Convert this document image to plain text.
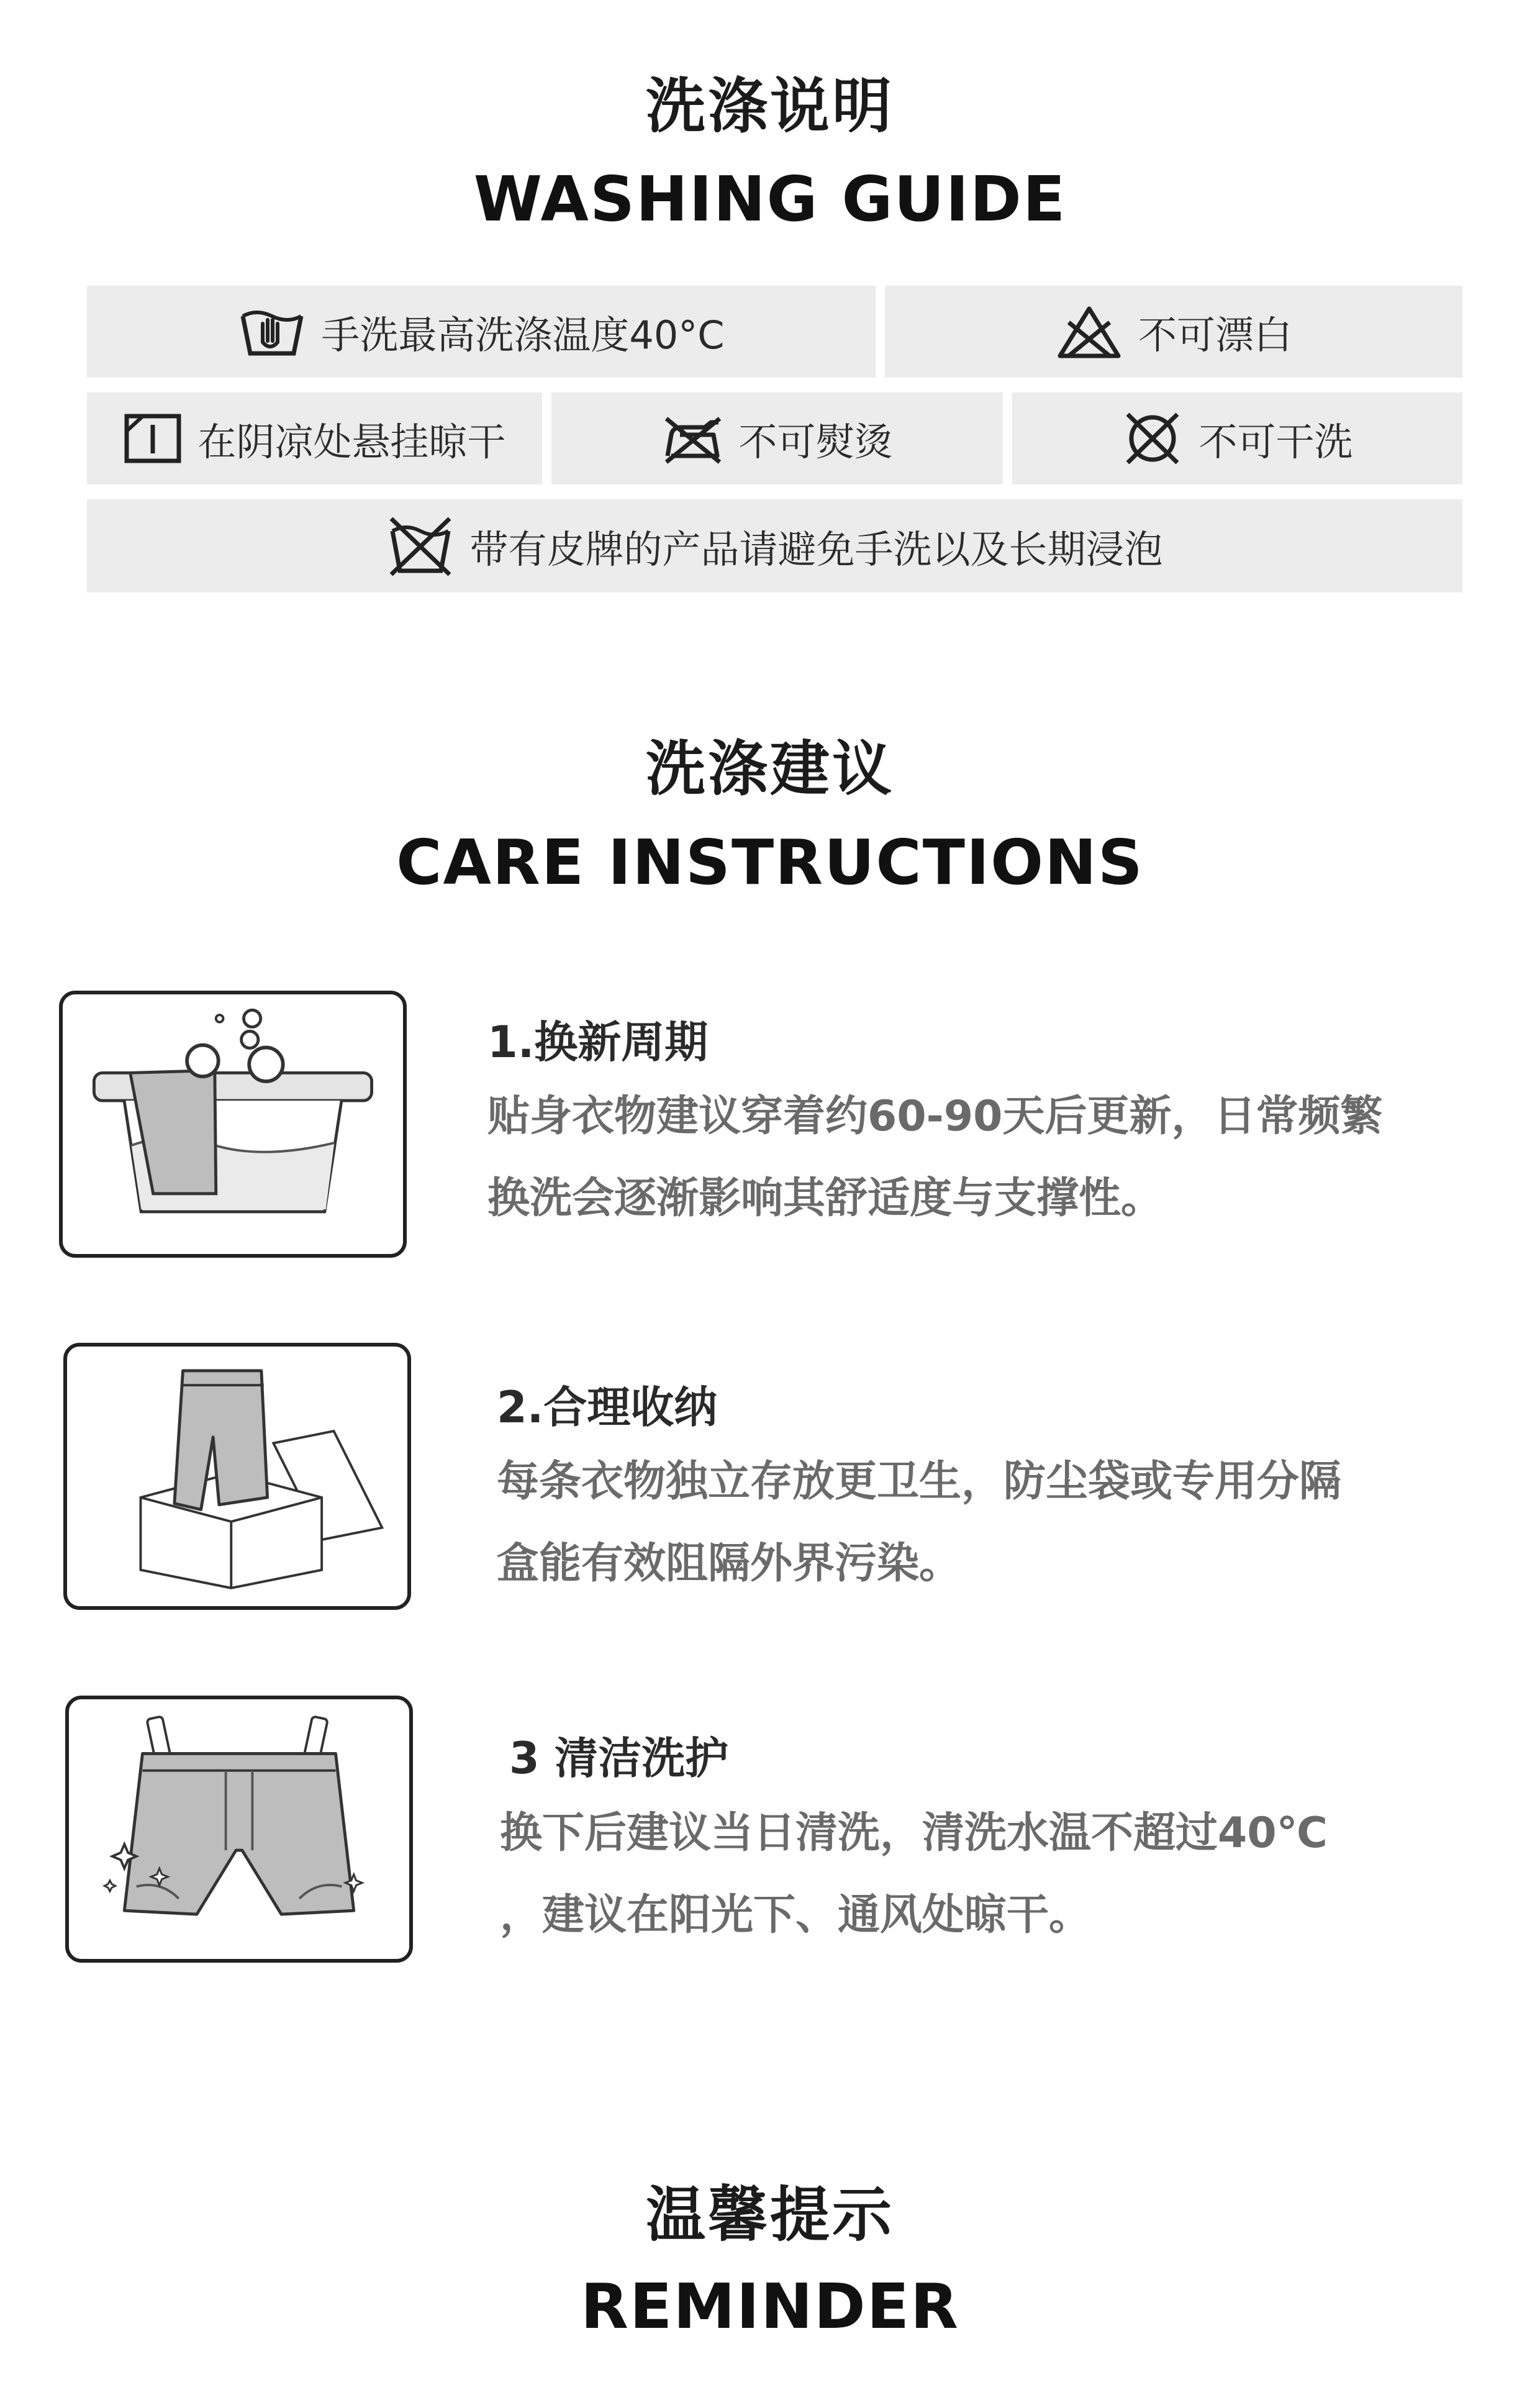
洗涤说明
WASHING GUIDE
手洗最高洗涤温度40°C	不可漂白
在阴凉处悬挂晾干	不可熨烫	不可干洗
带有皮牌的产品请避免手洗以及长期浸泡
洗涤建议
CARE INSTRUCTIONS
1.换新周期
贴身衣物建议穿着约60-90天后更新，日常频繁
换洗会逐渐影响其舒适度与支撑性。
2.合理收纳
每条衣物独立存放更卫生，防尘袋或专用分隔
盒能有效阻隔外界污染。
3 清洁洗护
换下后建议当日清洗，清洗水温不超过40℃
，建议在阳光下、通风处晾干。
温馨提示
REMINDER
